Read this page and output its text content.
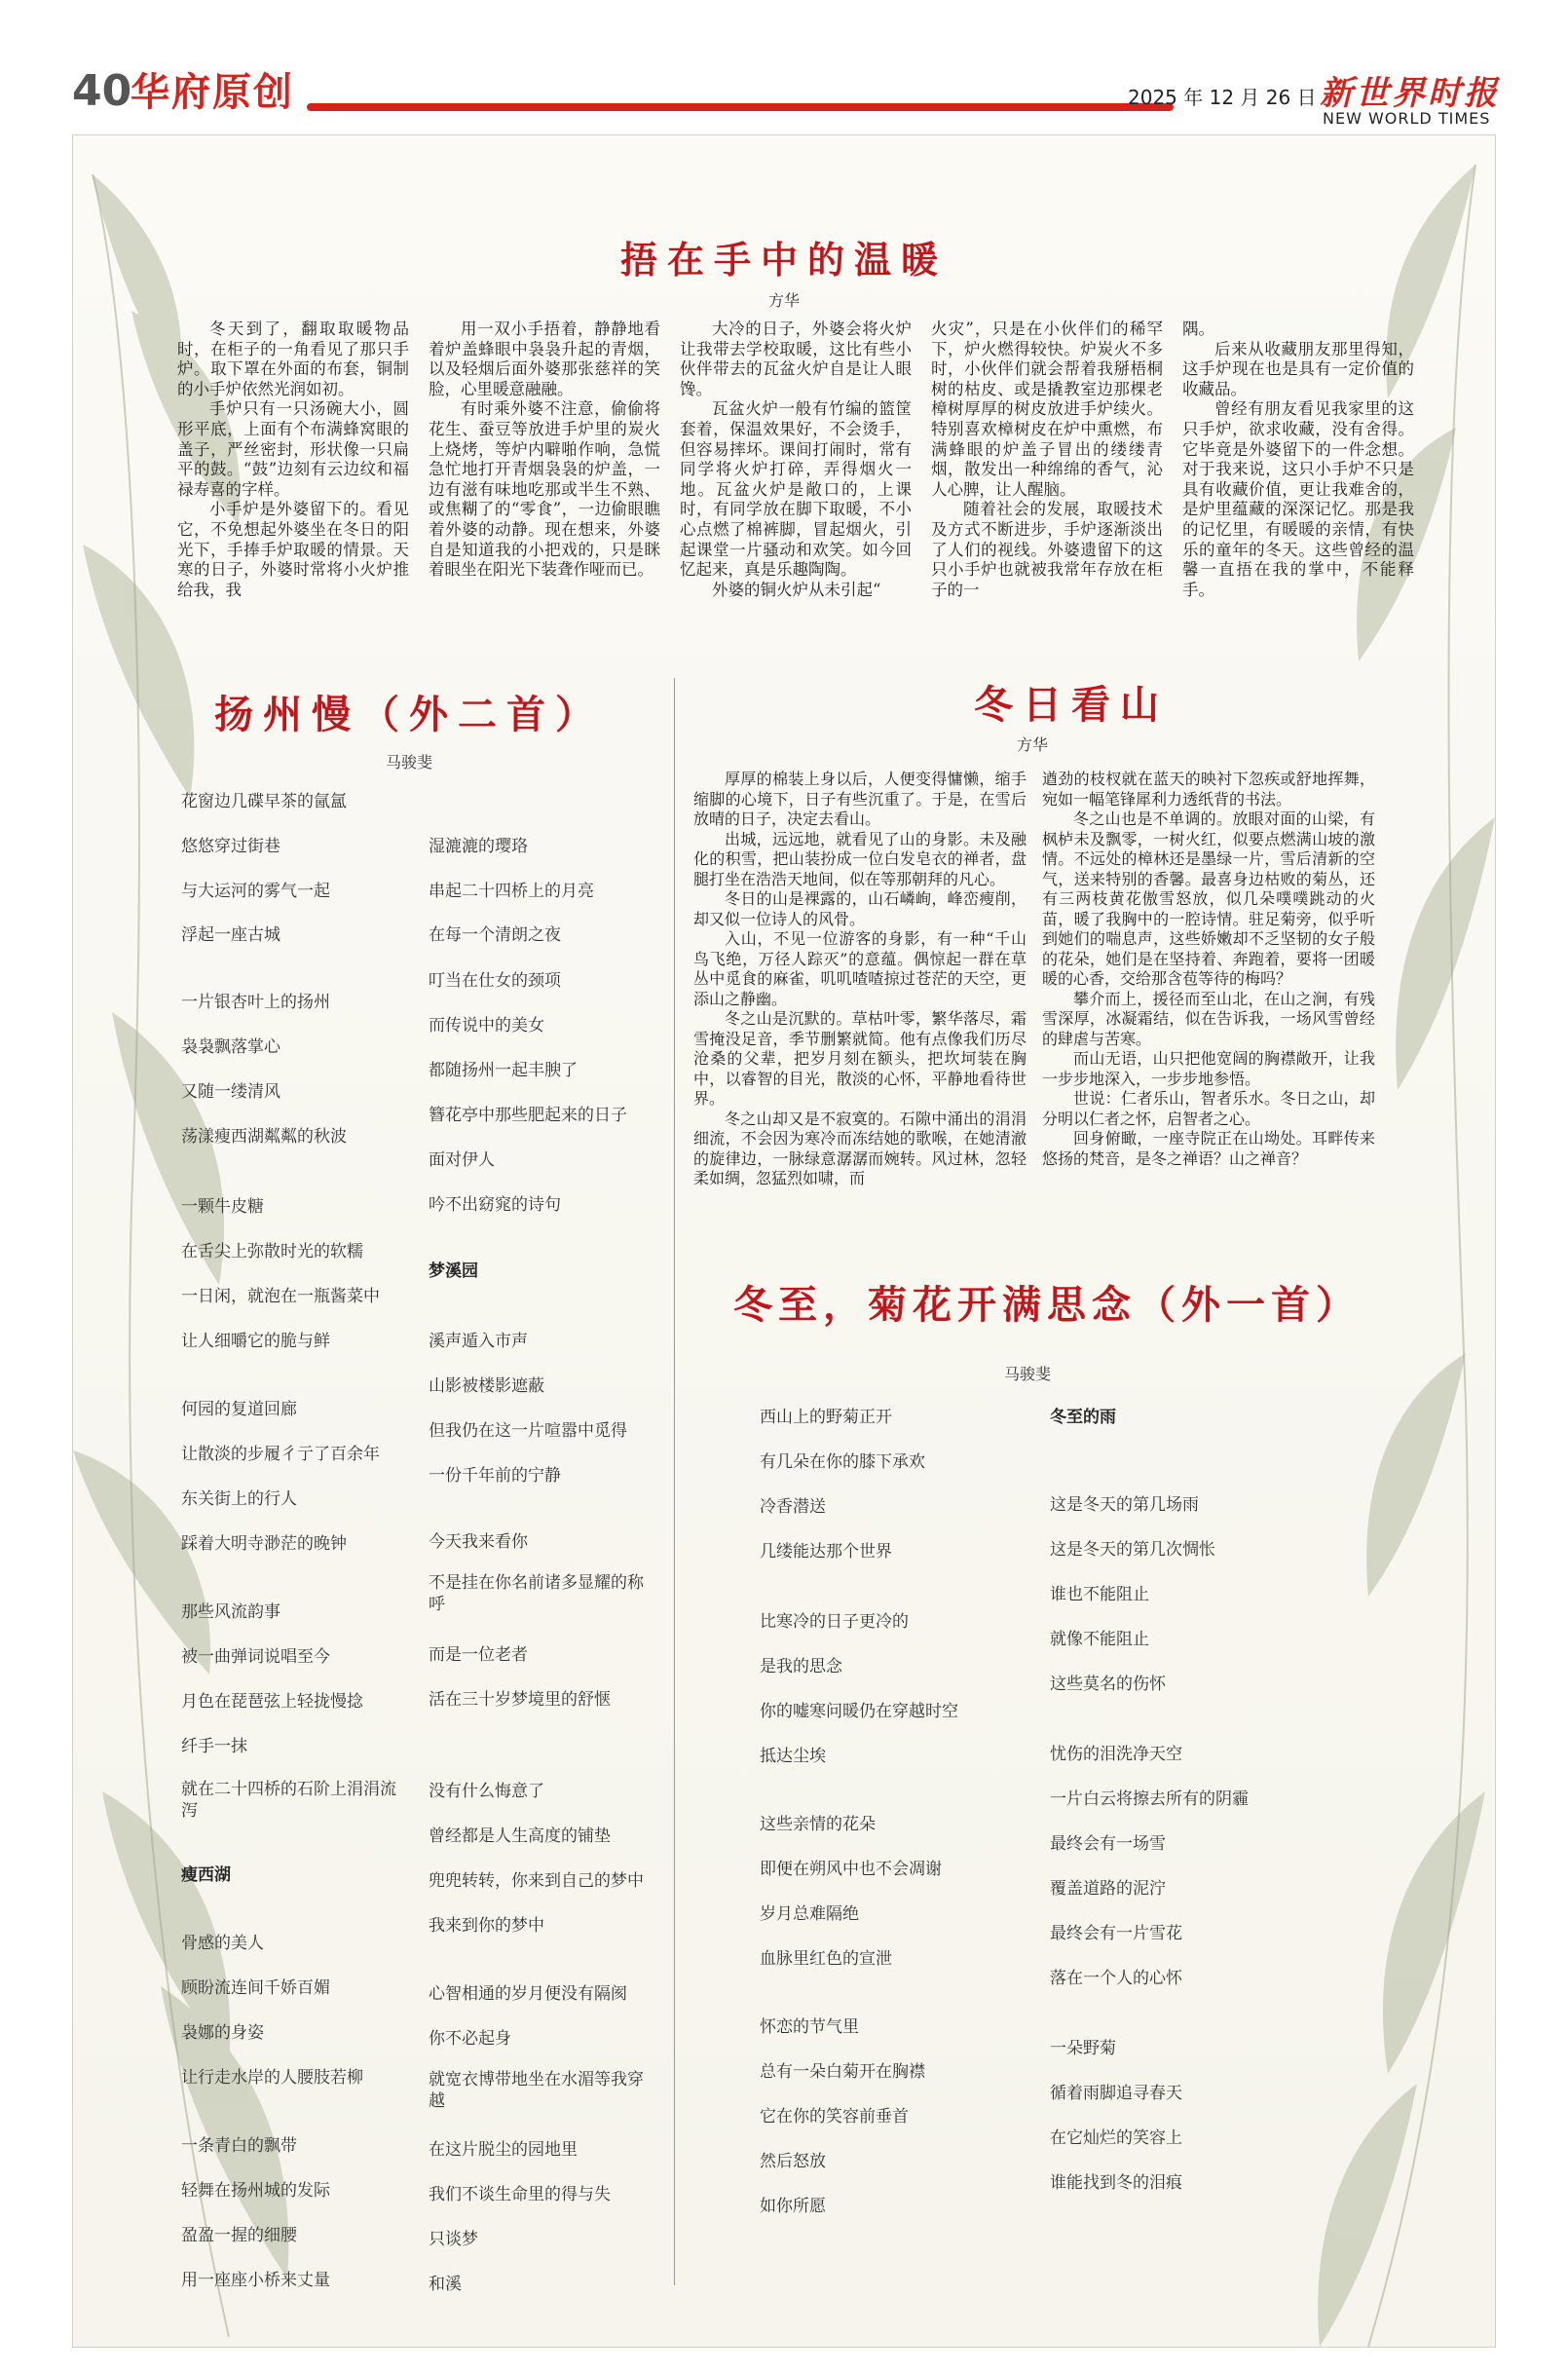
40
华府原创	2025 年 12 月 26 日 新世界时报
NEW WORLD TIMES
捂在手中的温暖
方华

冬天到了，翻取取暖物品时，在柜子的一角看见了那只手炉。取下罩在外面的布套，铜制的小手炉依然光润如初。

手炉只有一只汤碗大小，圆形平底，上面有个布满蜂窝眼的盖子，严丝密封，形状像一只扁平的鼓。“鼓”边刻有云边纹和福禄寿喜的字样。

小手炉是外婆留下的。看见它，不免想起外婆坐在冬日的阳光下，手捧手炉取暖的情景。天寒的日子，外婆时常将小火炉推给我，我

用一双小手捂着，静静地看着炉盖蜂眼中袅袅升起的青烟，以及轻烟后面外婆那张慈祥的笑脸，心里暖意融融。

有时乘外婆不注意，偷偷将花生、蚕豆等放进手炉里的炭火上烧烤，等炉内噼啪作响，急慌急忙地打开青烟袅袅的炉盖，一边有滋有味地吃那或半生不熟、或焦糊了的“零食”，一边偷眼瞧着外婆的动静。现在想来，外婆自是知道我的小把戏的，只是眯着眼坐在阳光下装聋作哑而已。

大冷的日子，外婆会将火炉让我带去学校取暖，这比有些小伙伴带去的瓦盆火炉自是让人眼馋。

瓦盆火炉一般有竹编的篮筐套着，保温效果好，不会烫手，但容易摔坏。课间打闹时，常有同学将火炉打碎，弄得烟火一地。瓦盆火炉是敞口的，上课时，有同学放在脚下取暖，不小心点燃了棉裤脚，冒起烟火，引起课堂一片骚动和欢笑。如今回忆起来，真是乐趣陶陶。

外婆的铜火炉从未引起“

火灾”，只是在小伙伴们的稀罕下，炉火燃得较快。炉炭火不多时，小伙伴们就会帮着我掰梧桐树的枯皮、或是撬教室边那棵老樟树厚厚的树皮放进手炉续火。特别喜欢樟树皮在炉中熏燃，布满蜂眼的炉盖子冒出的缕缕青烟，散发出一种绵绵的香气，沁人心脾，让人醒脑。

随着社会的发展，取暖技术及方式不断进步，手炉逐渐淡出了人们的视线。外婆遗留下的这只小手炉也就被我常年存放在柜子的一

隅。

后来从收藏朋友那里得知，这手炉现在也是具有一定价值的收藏品。

曾经有朋友看见我家里的这只手炉，欲求收藏，没有舍得。它毕竟是外婆留下的一件念想。对于我来说，这只小手炉不只是具有收藏价值，更让我难舍的，是炉里蕴藏的深深记忆。那是我的记忆里，有暖暖的亲情，有快乐的童年的冬天。这些曾经的温馨一直捂在我的掌中，不能释手。

扬州慢（外二首）
马骏斐
花窗边几碟早茶的氤氲
悠悠穿过街巷
与大运河的雾气一起
浮起一座古城
一片银杏叶上的扬州
袅袅飘落掌心
又随一缕清风
荡漾瘦西湖粼粼的秋波
一颗牛皮糖
在舌尖上弥散时光的软糯
一日闲，就泡在一瓶酱菜中
让人细嚼它的脆与鲜
何园的复道回廊
让散淡的步履彳亍了百余年
东关街上的行人
踩着大明寺渺茫的晚钟
那些风流韵事
被一曲弹词说唱至今
月色在琵琶弦上轻拢慢捻
纤手一抹
就在二十四桥的石阶上涓涓流泻
瘦西湖
骨感的美人
顾盼流连间千娇百媚
袅娜的身姿
让行走水岸的人腰肢若柳
一条青白的飘带
轻舞在扬州城的发际
盈盈一握的细腰
用一座座小桥来丈量
湿漉漉的璎珞
串起二十四桥上的月亮
在每一个清朗之夜
叮当在仕女的颈项
而传说中的美女
都随扬州一起丰腴了
簪花亭中那些肥起来的日子
面对伊人
吟不出窈窕的诗句
梦溪园
溪声遁入市声
山影被楼影遮蔽
但我仍在这一片喧嚣中觅得
一份千年前的宁静
今天我来看你
不是挂在你名前诸多显耀的称呼
而是一位老者
活在三十岁梦境里的舒惬
没有什么悔意了
曾经都是人生高度的铺垫
兜兜转转，你来到自己的梦中
我来到你的梦中
心智相通的岁月便没有隔阂
你不必起身
就宽衣博带地坐在水湄等我穿越
在这片脱尘的园地里
我们不谈生命里的得与失
只谈梦
和溪
冬日看山
方华

厚厚的棉装上身以后，人便变得慵懒，缩手缩脚的心境下，日子有些沉重了。于是，在雪后放晴的日子，决定去看山。

出城，远远地，就看见了山的身影。未及融化的积雪，把山装扮成一位白发皂衣的禅者，盘腿打坐在浩浩天地间，似在等那朝拜的凡心。

冬日的山是裸露的，山石嶙峋，峰峦瘦削，却又似一位诗人的风骨。

入山，不见一位游客的身影，有一种“千山鸟飞绝，万径人踪灭”的意蕴。偶惊起一群在草丛中觅食的麻雀，叽叽喳喳掠过苍茫的天空，更添山之静幽。

冬之山是沉默的。草枯叶零，繁华落尽，霜雪掩没足音，季节删繁就简。他有点像我们历尽沧桑的父辈，把岁月刻在额头，把坎坷装在胸中，以睿智的目光，散淡的心怀，平静地看待世界。

冬之山却又是不寂寞的。石隙中涌出的涓涓细流，不会因为寒冷而冻结她的歌喉，在她清澈的旋律边，一脉绿意潺潺而婉转。风过林，忽轻柔如绸，忽猛烈如啸，而

遒劲的枝杈就在蓝天的映衬下忽疾或舒地挥舞，宛如一幅笔锋犀利力透纸背的书法。

冬之山也是不单调的。放眼对面的山梁，有枫栌未及飘零，一树火红，似要点燃满山坡的激情。不远处的樟林还是墨绿一片，雪后清新的空气，送来特别的香馨。最喜身边枯败的菊丛，还有三两枝黄花傲雪怒放，似几朵噗噗跳动的火苗，暖了我胸中的一腔诗情。驻足菊旁，似乎听到她们的喘息声，这些娇嫩却不乏坚韧的女子般的花朵，她们是在坚持着、奔跑着，要将一团暖暖的心香，交给那含苞等待的梅吗？

攀介而上，援径而至山北，在山之涧，有残雪深厚，冰凝霜结，似在告诉我，一场风雪曾经的肆虐与苦寒。

而山无语，山只把他宽阔的胸襟敞开，让我一步步地深入，一步步地参悟。

世说：仁者乐山，智者乐水。冬日之山，却分明以仁者之怀，启智者之心。

回身俯瞰，一座寺院正在山坳处。耳畔传来悠扬的梵音，是冬之禅语？山之禅音？

冬至，菊花开满思念（外一首）
马骏斐
西山上的野菊正开
有几朵在你的膝下承欢
冷香潜送
几缕能达那个世界
比寒冷的日子更冷的
是我的思念
你的嘘寒问暖仍在穿越时空
抵达尘埃
这些亲情的花朵
即便在朔风中也不会凋谢
岁月总难隔绝
血脉里红色的宣泄
怀恋的节气里
总有一朵白菊开在胸襟
它在你的笑容前垂首
然后怒放
如你所愿
冬至的雨
这是冬天的第几场雨
这是冬天的第几次惆怅
谁也不能阻止
就像不能阻止
这些莫名的伤怀
忧伤的泪洗净天空
一片白云将擦去所有的阴霾
最终会有一场雪
覆盖道路的泥泞
最终会有一片雪花
落在一个人的心怀
一朵野菊
循着雨脚追寻春天
在它灿烂的笑容上
谁能找到冬的泪痕
